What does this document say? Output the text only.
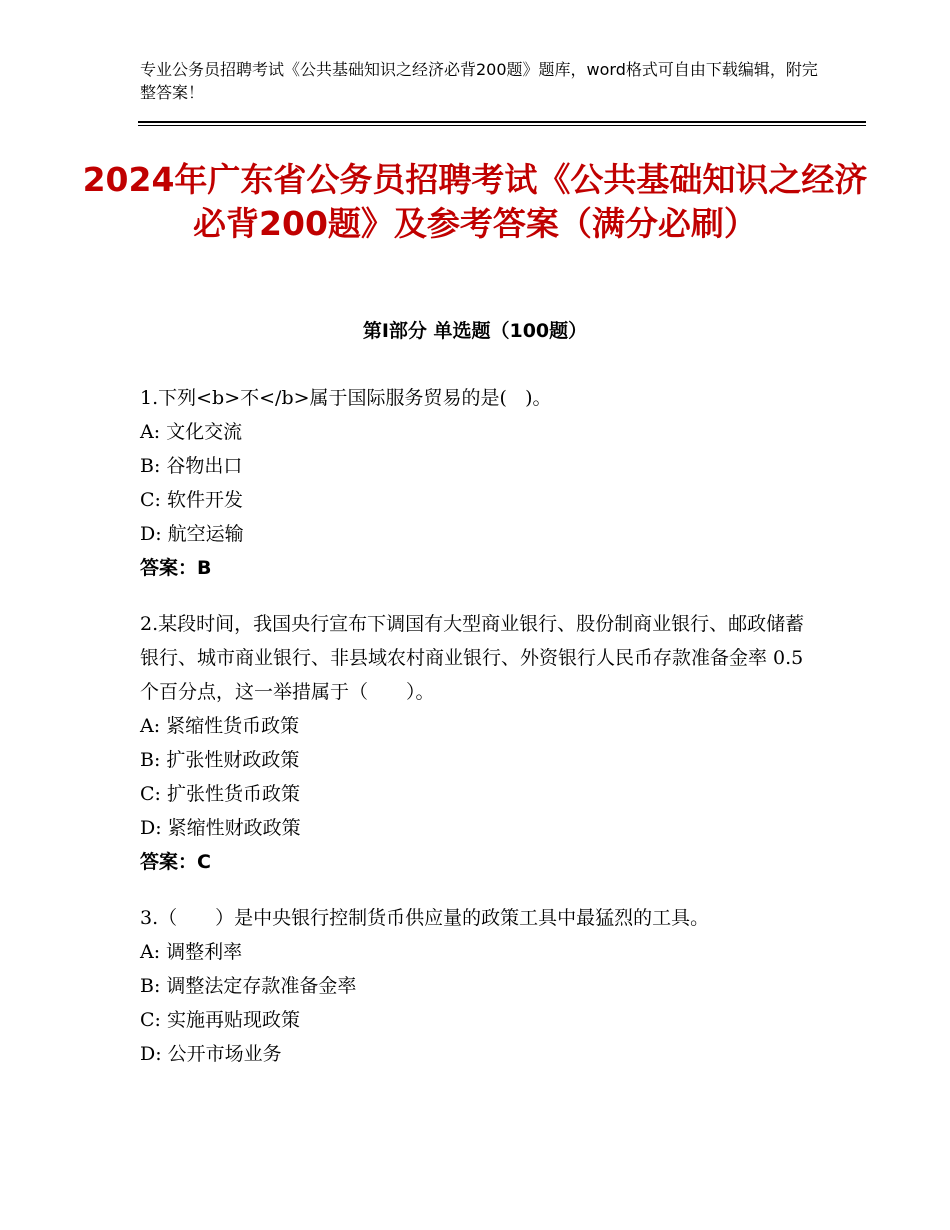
专业公务员招聘考试《公共基础知识之经济必背200题》题库，word格式可自由下载编辑，附完整答案！
2024年广东省公务员招聘考试《公共基础知识之经济必背200题》及参考答案（满分必刷）
第Ⅰ部分 单选题（100题）
1.下列<b>不</b>属于国际服务贸易的是(   )。
A: 文化交流
B: 谷物出口
C: 软件开发
D: 航空运输
答案：B
2.某段时间，我国央行宣布下调国有大型商业银行、股份制商业银行、邮政储蓄银行、城市商业银行、非县域农村商业银行、外资银行人民币存款准备金率 0.5 个百分点，这一举措属于（　　）。
A: 紧缩性货币政策
B: 扩张性财政政策
C: 扩张性货币政策
D: 紧缩性财政政策
答案：C
3.（　　）是中央银行控制货币供应量的政策工具中最猛烈的工具。
A: 调整利率
B: 调整法定存款准备金率
C: 实施再贴现政策
D: 公开市场业务
